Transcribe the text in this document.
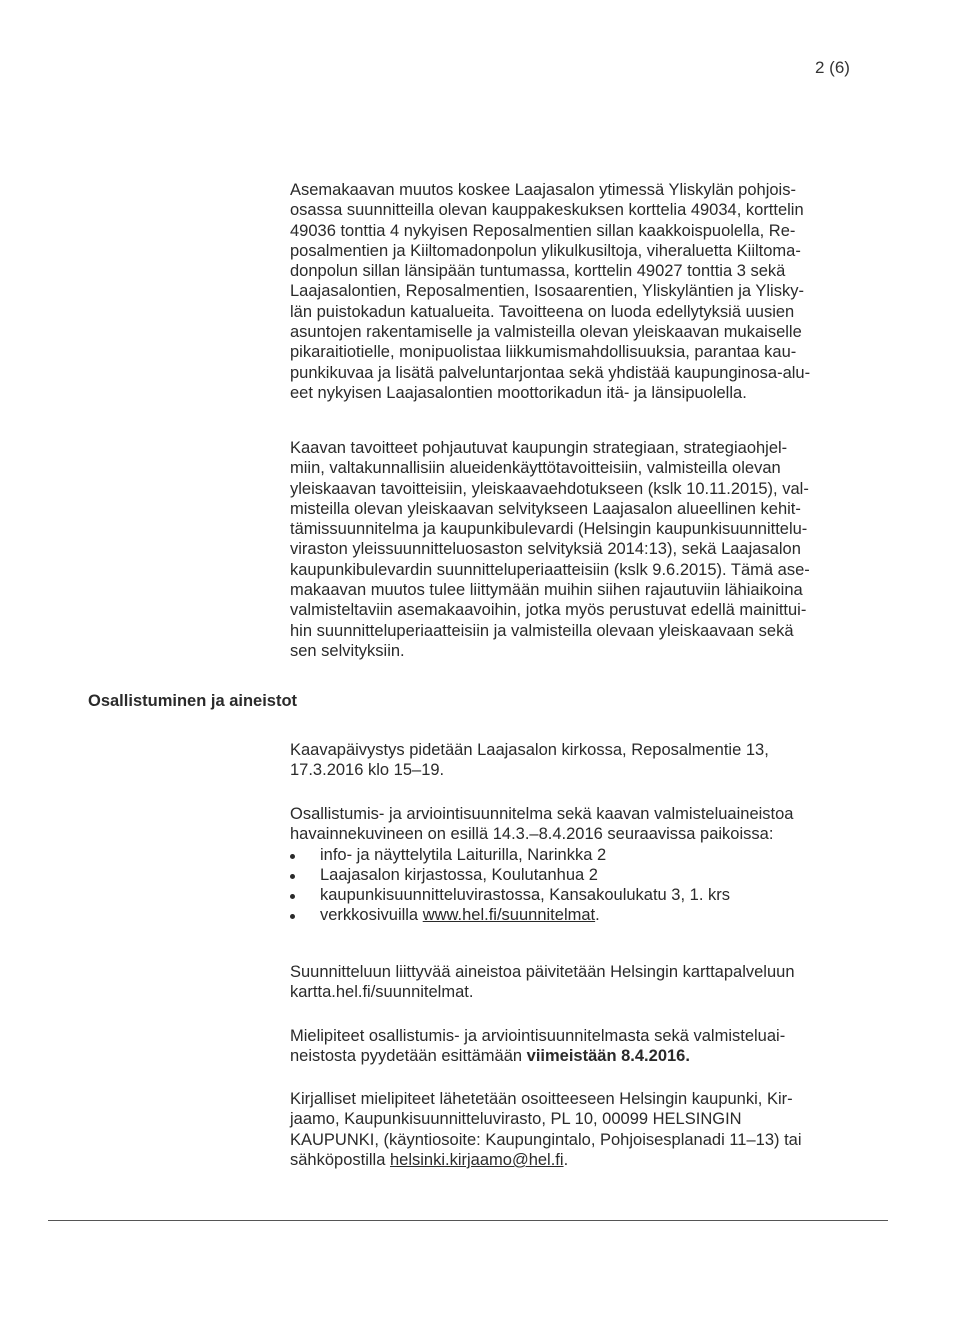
2 (6)
Osallistuminen ja aineistot
Asemakaavan muutos koskee Laajasalon ytimessä Yliskylän pohjois-
osassa suunnitteilla olevan kauppakeskuksen korttelia 49034, korttelin
49036 tonttia 4 nykyisen Reposalmentien sillan kaakkoispuolella, Re-
posalmentien ja Kiiltomadonpolun ylikulkusiltoja, viheraluetta Kiiltoma-
donpolun sillan länsipään tuntumassa, korttelin 49027 tonttia 3 sekä
Laajasalontien, Reposalmentien, Isosaarentien, Yliskyläntien ja Ylisky-
län puistokadun katualueita. Tavoitteena on luoda edellytyksiä uusien
asuntojen rakentamiselle ja valmisteilla olevan yleiskaavan mukaiselle
pikaraitiotielle, monipuolistaa liikkumismahdollisuuksia, parantaa kau-
punkikuvaa ja lisätä palveluntarjontaa sekä yhdistää kaupunginosa-alu-
eet nykyisen Laajasalontien moottorikadun itä- ja länsipuolella.
Kaavan tavoitteet pohjautuvat kaupungin strategiaan, strategiaohjel-
miin, valtakunnallisiin alueidenkäyttötavoitteisiin, valmisteilla olevan
yleiskaavan tavoitteisiin, yleiskaavaehdotukseen (kslk 10.11.2015), val-
misteilla olevan yleiskaavan selvitykseen Laajasalon alueellinen kehit-
tämissuunnitelma ja kaupunkibulevardi (Helsingin kaupunkisuunnittelu-
viraston yleissuunnitteluosaston selvityksiä 2014:13), sekä Laajasalon
kaupunkibulevardin suunnitteluperiaatteisiin (kslk 9.6.2015). Tämä ase-
makaavan muutos tulee liittymään muihin siihen rajautuviin lähiaikoina
valmisteltaviin asemakaavoihin, jotka myös perustuvat edellä mainittui-
hin suunnitteluperiaatteisiin ja valmisteilla olevaan yleiskaavaan sekä
sen selvityksiin.
Kaavapäivystys pidetään Laajasalon kirkossa, Reposalmentie 13,
17.3.2016 klo 15–19.
Osallistumis- ja arviointisuunnitelma sekä kaavan valmisteluaineistoa
havainnekuvineen on esillä 14.3.–8.4.2016 seuraavissa paikoissa:
info- ja näyttelytila Laiturilla, Narinkka 2
Laajasalon kirjastossa, Koulutanhua 2
kaupunkisuunnitteluvirastossa, Kansakoulukatu 3, 1. krs
verkkosivuilla www.hel.fi/suunnitelmat.
Suunnitteluun liittyvää aineistoa päivitetään Helsingin karttapalveluun
kartta.hel.fi/suunnitelmat.
Mielipiteet osallistumis- ja arviointisuunnitelmasta sekä valmisteluai-
neistosta pyydetään esittämään viimeistään 8.4.2016.
Kirjalliset mielipiteet lähetetään osoitteeseen Helsingin kaupunki, Kir-
jaamo, Kaupunkisuunnitteluvirasto, PL 10, 00099 HELSINGIN
KAUPUNKI, (käyntiosoite: Kaupungintalo, Pohjoisesplanadi 11–13) tai
sähköpostilla helsinki.kirjaamo@hel.fi.
